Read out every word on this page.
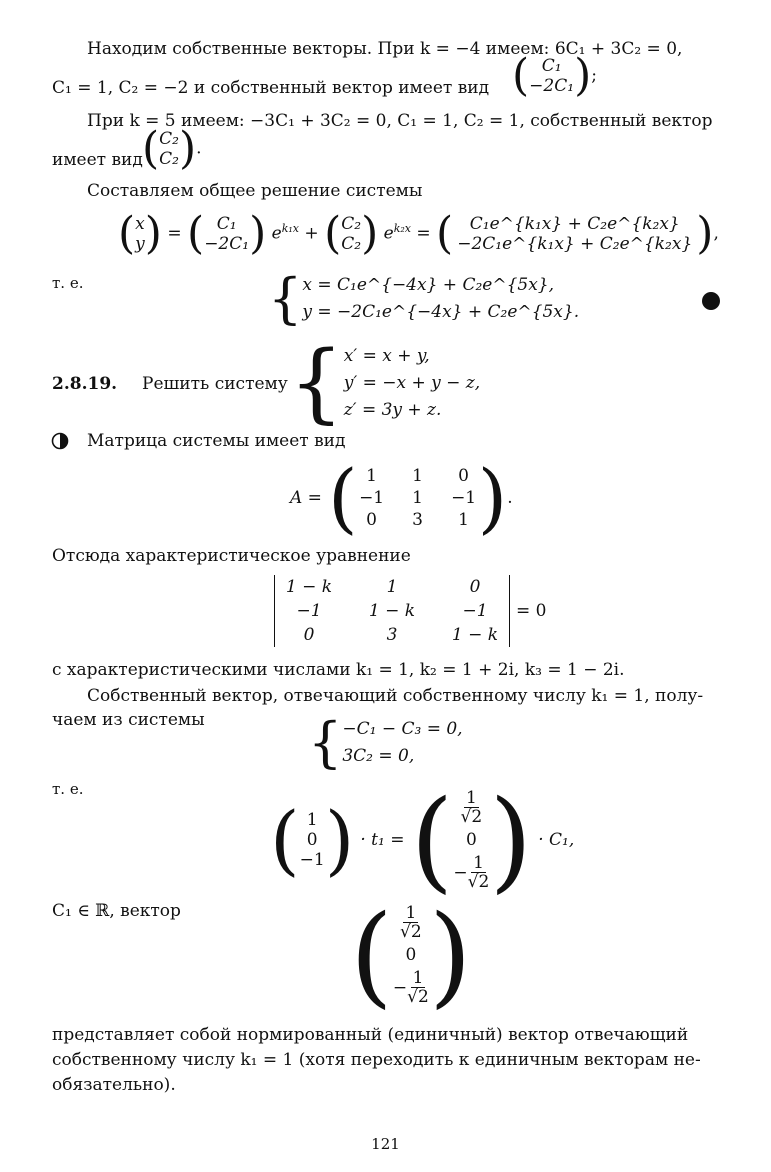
Находим собственные векторы. При k = −4 имеем: 6C₁ + 3C₂ = 0,
C₁ = 1, C₂ = −2 и собственный вектор имеет вид ( C₁
−2C₁ ) ;
При k = 5 имеем: −3C₁ + 3C₂ = 0, C₁ = 1, C₂ = 1, собственный вектор
имеет вид ( C₂
C₂ ) .
Составляем общее решение системы
( x
y ) = ( C₁
−2C₁ ) $e^{k_1x}$ + ( C₂
C₂ ) $e^{k_2x}$ = ( C₁e^{k₁x} + C₂e^{k₂x}
−2C₁e^{k₁x} + C₂e^{k₂x} ) ,
т. е.	{ x = C₁e^{−4x} + C₂e^{5x},
y = −2C₁e^{−4x} + C₂e^{5x}.
2.8.19. Решить систему { x′ = x + y,
y′ = −x + y − z,
z′ = 3y + z.
Матрица системы имеет вид
A = ( 1	1	0
−1	1	−1
0	3	1 ) .
Отсюда характеристическое уравнение
1 − k	1	0
−1	1 − k	−1
0	3	1 − k
= 0
с характеристическими числами k₁ = 1, k₂ = 1 + 2i, k₃ = 1 − 2i.
Собственный вектор, отвечающий собственному числу k₁ = 1, полу-
чаем из системы { −C₁ − C₃ = 0,
3C₂ = 0,
т. е.
( 1
0
−1 ) · t₁ = ( $\frac{1}{√2}$
0
− $\frac{1}{√2}$ ) · C₁,
C₁ ∈ ℝ, вектор ( $\frac{1}{√2}$
0
− $\frac{1}{√2}$ )
представляет собой нормированный (единичный) вектор отвечающий
собственному числу k₁ = 1 (хотя переходить к единичным векторам не-
обязательно).
121
